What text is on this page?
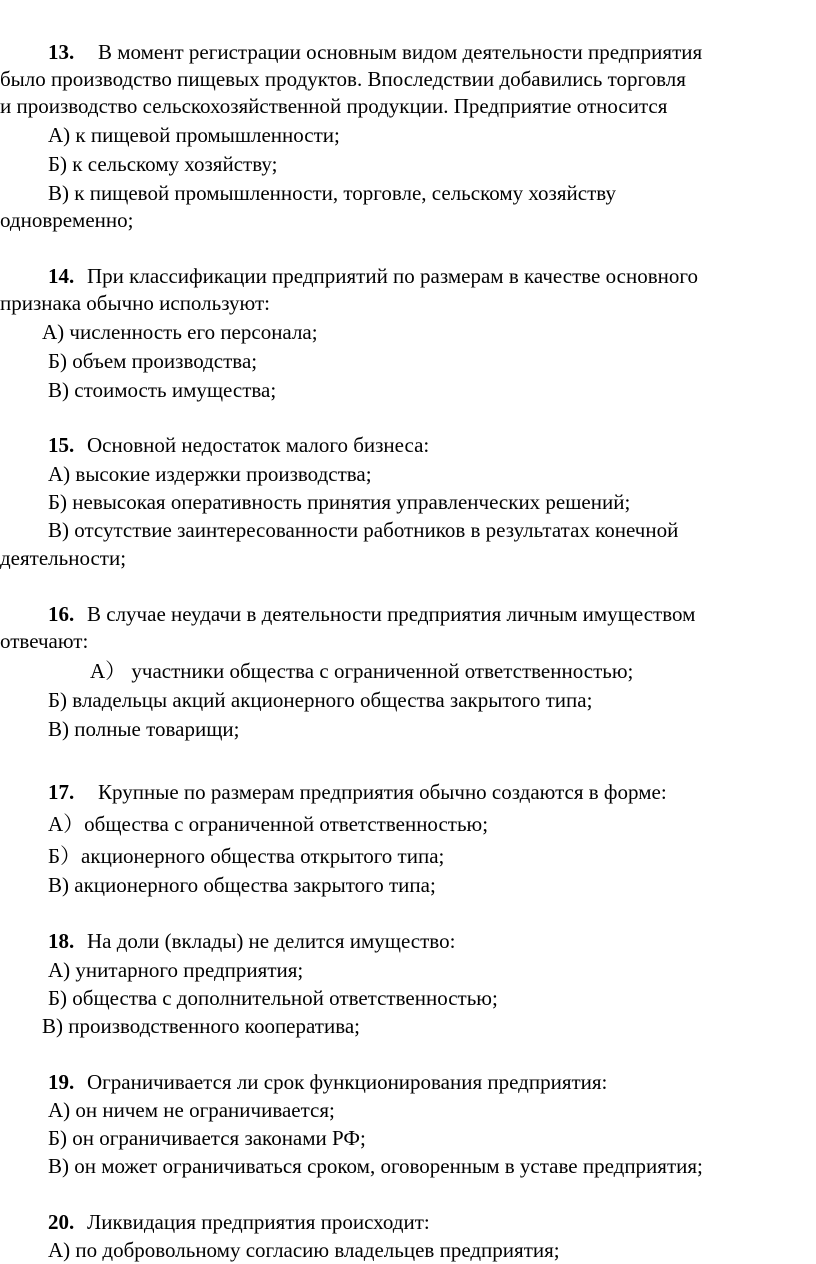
13. В момент регистрации основным видом деятельности предприятия
было производство пищевых продуктов. Впоследствии добавились торговля
и производство сельскохозяйственной продукции. Предприятие относится
А) к пищевой промышленности;
Б) к сельскому хозяйству;
В) к пищевой промышленности, торговле, сельскому хозяйству
одновременно;
14. При классификации предприятий по размерам в качестве основного
признака обычно используют:
А) численность его персонала;
Б) объем производства;
В) стоимость имущества;
15. Основной недостаток малого бизнеса:
А) высокие издержки производства;
Б) невысокая оперативность принятия управленческих решений;
В) отсутствие заинтересованности работников в результатах конечной
деятельности;
16. В случае неудачи в деятельности предприятия личным имуществом
отвечают:
А） участники общества с ограниченной ответственностью;
Б) владельцы акций акционерного общества закрытого типа;
В) полные товарищи;
17. Крупные по размерам предприятия обычно создаются в форме:
А）общества с ограниченной ответственностью;
Б）акционерного общества открытого типа;
В) акционерного общества закрытого типа;
18. На доли (вклады) не делится имущество:
А) унитарного предприятия;
Б) общества с дополнительной ответственностью;
В) производственного кооператива;
19. Ограничивается ли срок функционирования предприятия:
А) он ничем не ограничивается;
Б) он ограничивается законами РФ;
В) он может ограничиваться сроком, оговоренным в уставе предприятия;
20. Ликвидация предприятия происходит:
А) по добровольному согласию владельцев предприятия;
